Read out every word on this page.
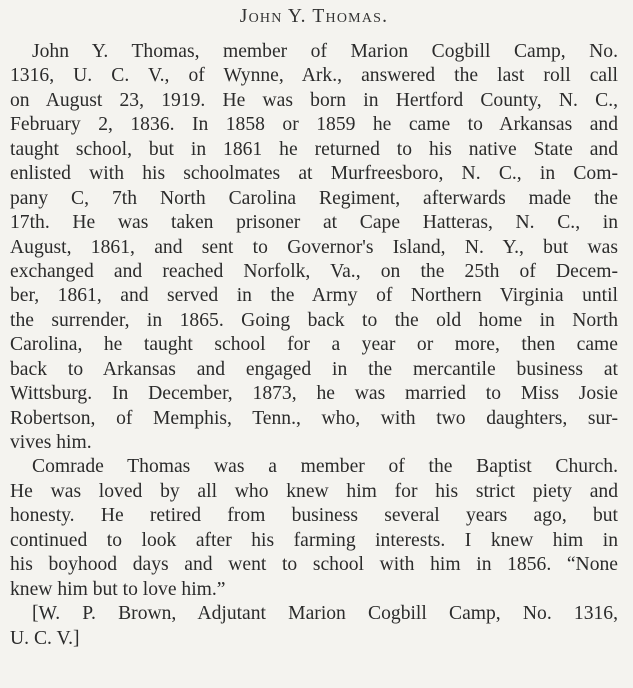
John Y. Thomas.
John Y. Thomas, member of Marion Cogbill Camp, No.
1316, U. C. V., of Wynne, Ark., answered the last roll call
on August 23, 1919. He was born in Hertford County, N. C.,
February 2, 1836. In 1858 or 1859 he came to Arkansas and
taught school, but in 1861 he returned to his native State and
enlisted with his schoolmates at Murfreesboro, N. C., in Com-
pany C, 7th North Carolina Regiment, afterwards made the
17th. He was taken prisoner at Cape Hatteras, N. C., in
August, 1861, and sent to Governor's Island, N. Y., but was
exchanged and reached Norfolk, Va., on the 25th of Decem-
ber, 1861, and served in the Army of Northern Virginia until
the surrender, in 1865. Going back to the old home in North
Carolina, he taught school for a year or more, then came
back to Arkansas and engaged in the mercantile business at
Wittsburg. In December, 1873, he was married to Miss Josie
Robertson, of Memphis, Tenn., who, with two daughters, sur-
vives him.
Comrade Thomas was a member of the Baptist Church.
He was loved by all who knew him for his strict piety and
honesty. He retired from business several years ago, but
continued to look after his farming interests. I knew him in
his boyhood days and went to school with him in 1856. “None
knew him but to love him.”
[W. P. Brown, Adjutant Marion Cogbill Camp, No. 1316,
U. C. V.]
